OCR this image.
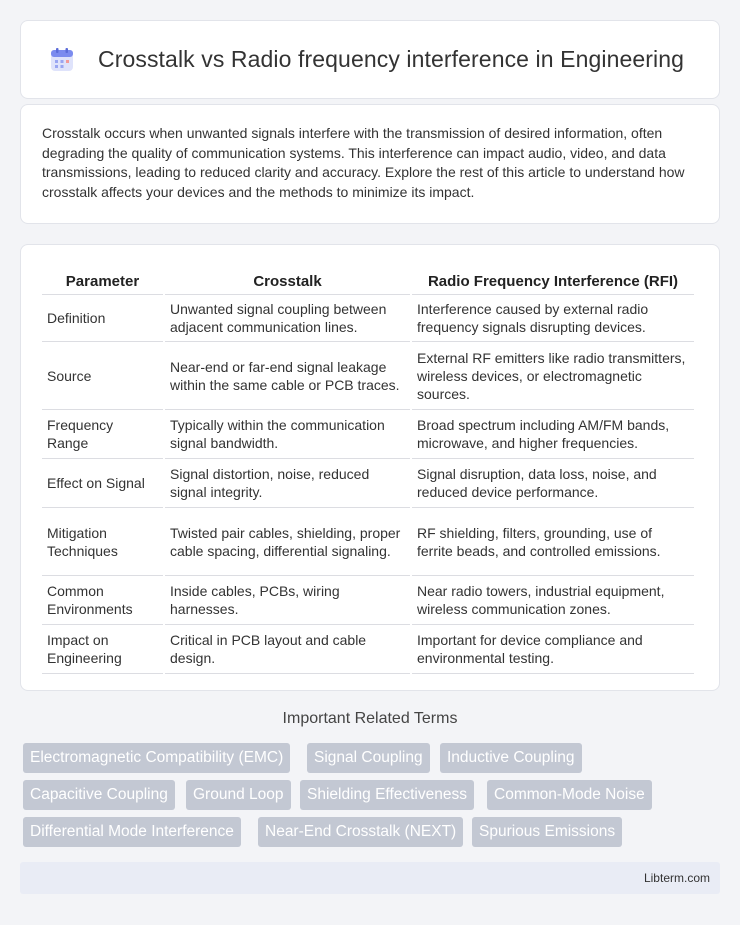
Crosstalk vs Radio frequency interference in Engineering

Crosstalk occurs when unwanted signals interfere with the transmission of desired information, often degrading the quality of communication systems. This interference can impact audio, video, and data transmissions, leading to reduced clarity and accuracy. Explore the rest of this article to understand how crosstalk affects your devices and the methods to minimize its impact.

Parameter	Crosstalk	Radio Frequency Interference (RFI)
Definition	Unwanted signal coupling between adjacent communication lines.	Interference caused by external radio frequency signals disrupting devices.
Source	Near-end or far-end signal leakage within the same cable or PCB traces.	External RF emitters like radio transmitters, wireless devices, or electromagnetic sources.
Frequency Range	Typically within the communication signal bandwidth.	Broad spectrum including AM/FM bands, microwave, and higher frequencies.
Effect on Signal	Signal distortion, noise, reduced signal integrity.	Signal disruption, data loss, noise, and reduced device performance.
Mitigation Techniques	Twisted pair cables, shielding, proper cable spacing, differential signaling.	RF shielding, filters, grounding, use of ferrite beads, and controlled emissions.
Common Environments	Inside cables, PCBs, wiring harnesses.	Near radio towers, industrial equipment, wireless communication zones.
Impact on Engineering	Critical in PCB layout and cable design.	Important for device compliance and environmental testing.
Important Related Terms
Electromagnetic Compatibility (EMC)	Signal Coupling	Inductive Coupling
Capacitive Coupling	Ground Loop	Shielding Effectiveness	Common-Mode Noise
Differential Mode Interference	Near-End Crosstalk (NEXT)	Spurious Emissions
Libterm.com
